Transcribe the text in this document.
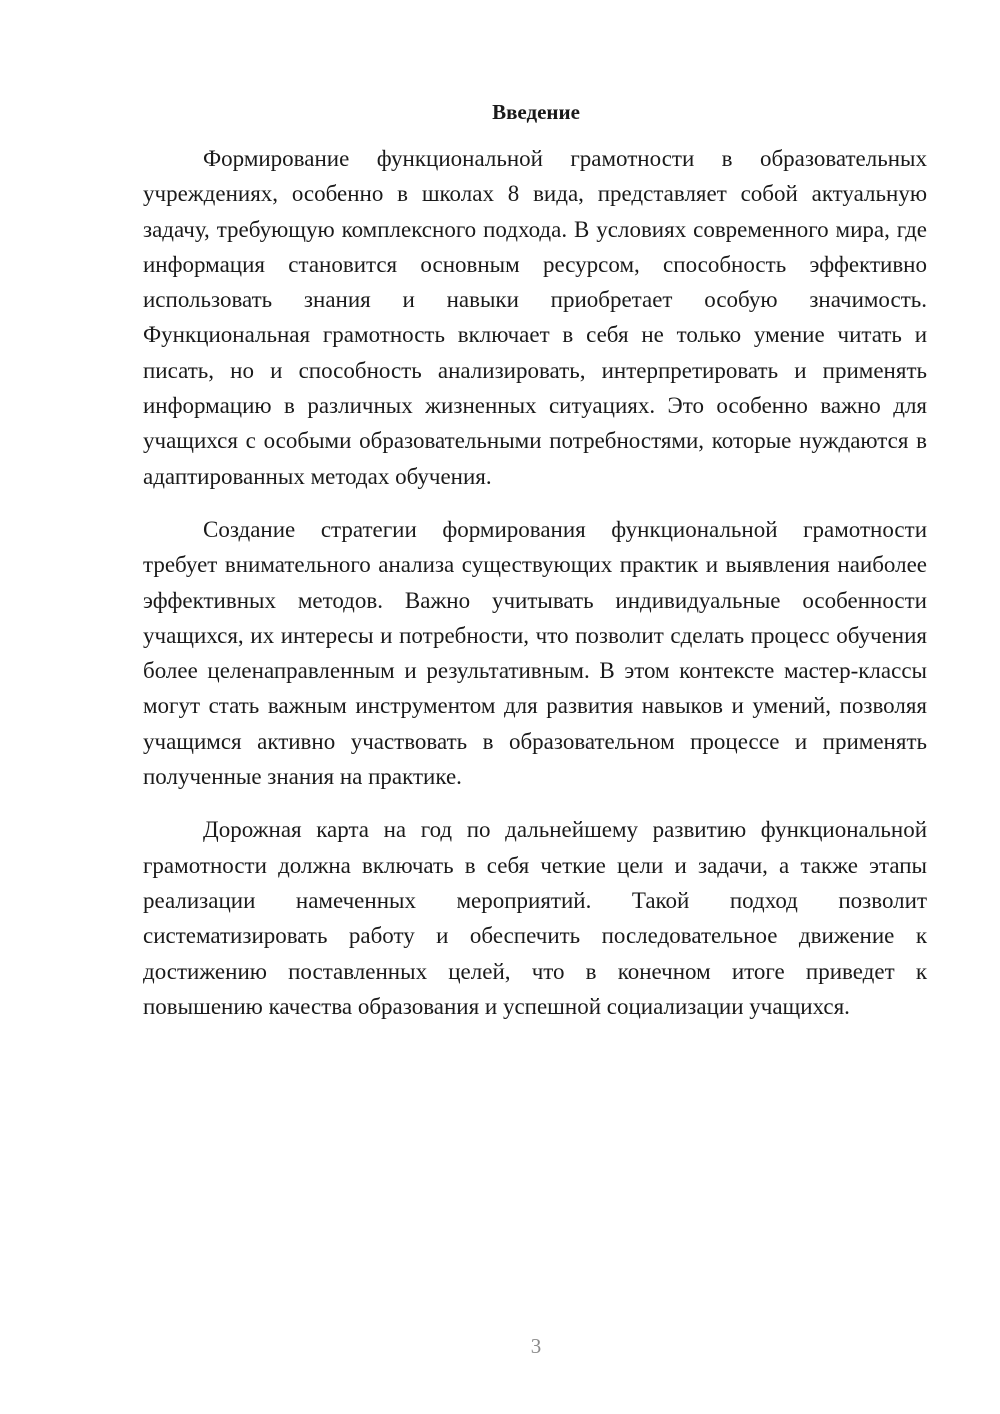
Введение

Формирование функциональной грамотности в образовательных учреждениях, особенно в школах 8 вида, представляет собой актуальную задачу, требующую комплексного подхода. В условиях современного мира, где информация становится основным ресурсом, способность эффективно использовать знания и навыки приобретает особую значимость. Функциональная грамотность включает в себя не только умение читать и писать, но и способность анализировать, интерпретировать и применять информацию в различных жизненных ситуациях. Это особенно важно для учащихся с особыми образовательными потребностями, которые нуждаются в адаптированных методах обучения.

Создание стратегии формирования функциональной грамотности требует внимательного анализа существующих практик и выявления наиболее эффективных методов. Важно учитывать индивидуальные особенности учащихся, их интересы и потребности, что позволит сделать процесс обучения более целенаправленным и результативным. В этом контексте мастер-классы могут стать важным инструментом для развития навыков и умений, позволяя учащимся активно участвовать в образовательном процессе и применять полученные знания на практике.

Дорожная карта на год по дальнейшему развитию функциональной грамотности должна включать в себя четкие цели и задачи, а также этапы реализации намеченных мероприятий. Такой подход позволит систематизировать работу и обеспечить последовательное движение к достижению поставленных целей, что в конечном итоге приведет к повышению качества образования и успешной социализации учащихся.

3
